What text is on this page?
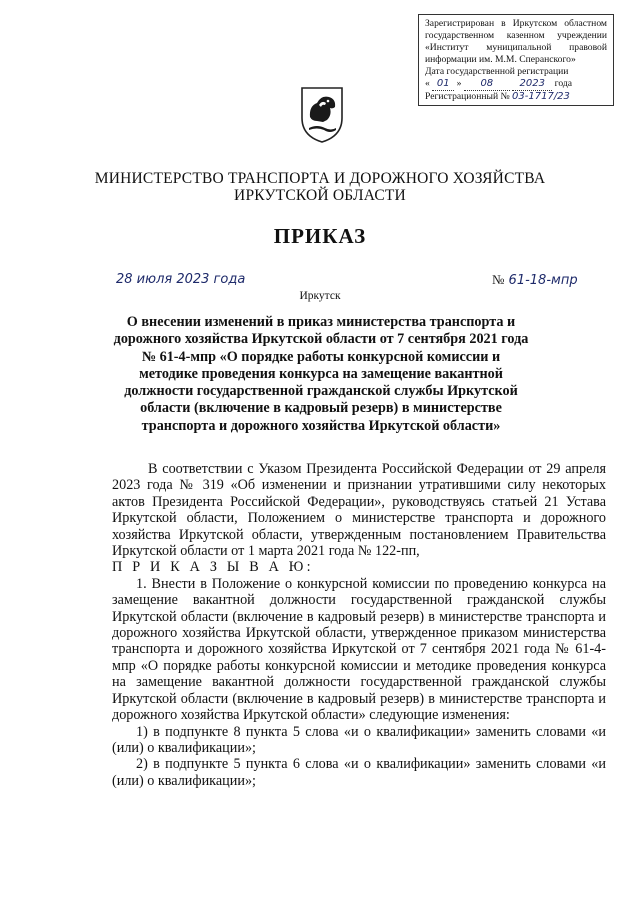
Зарегистрирован в Иркутском областном
государственном казенном учреждении
«Институт муниципальной правовой
информации им. М.М. Сперанского»
Дата государственной регистрации
« 01 » 08	2023 года
Регистрационный № 03-1717/23
МИНИСТЕРСТВО ТРАНСПОРТА И ДОРОЖНОГО ХОЗЯЙСТВА
ИРКУТСКОЙ ОБЛАСТИ
ПРИКАЗ
28 июля 2023 года	№ 61-18-мпр
Иркутск
О внесении изменений в приказ министерства транспорта и дорожного хозяйства Иркутской области от 7 сентября 2021 года № 61-4-мпр «О порядке работы конкурсной комиссии и методике проведения конкурса на замещение вакантной должности государственной гражданской службы Иркутской области (включение в кадровый резерв) в министерстве транспорта и дорожного хозяйства Иркутской области»

В соответствии с Указом Президента Российской Федерации от 29 апреля 2023 года № 319 «Об изменении и признании утратившими силу некоторых актов Президента Российской Федерации», руководствуясь статьей 21 Устава Иркутской области, Положением о министерстве транспорта и дорожного хозяйства Иркутской области, утвержденным постановлением Правительства Иркутской области от 1 марта 2021 года № 122-пп,

П Р И К А З Ы В А Ю:

1. Внести в Положение о конкурсной комиссии по проведению конкурса на замещение вакантной должности государственной гражданской службы Иркутской области (включение в кадровый резерв) в министерстве транспорта и дорожного хозяйства Иркутской области, утвержденное приказом министерства транспорта и дорожного хозяйства Иркутской от 7 сентября 2021 года № 61-4-мпр «О порядке работы конкурсной комиссии и методике проведения конкурса на замещение вакантной должности государственной гражданской службы Иркутской области (включение в кадровый резерв) в министерстве транспорта и дорожного хозяйства Иркутской области» следующие изменения:

1) в подпункте 8 пункта 5 слова «и о квалификации» заменить словами «и (или) о квалификации»;

2) в подпункте 5 пункта 6 слова «и о квалификации» заменить словами «и (или) о квалификации»;
